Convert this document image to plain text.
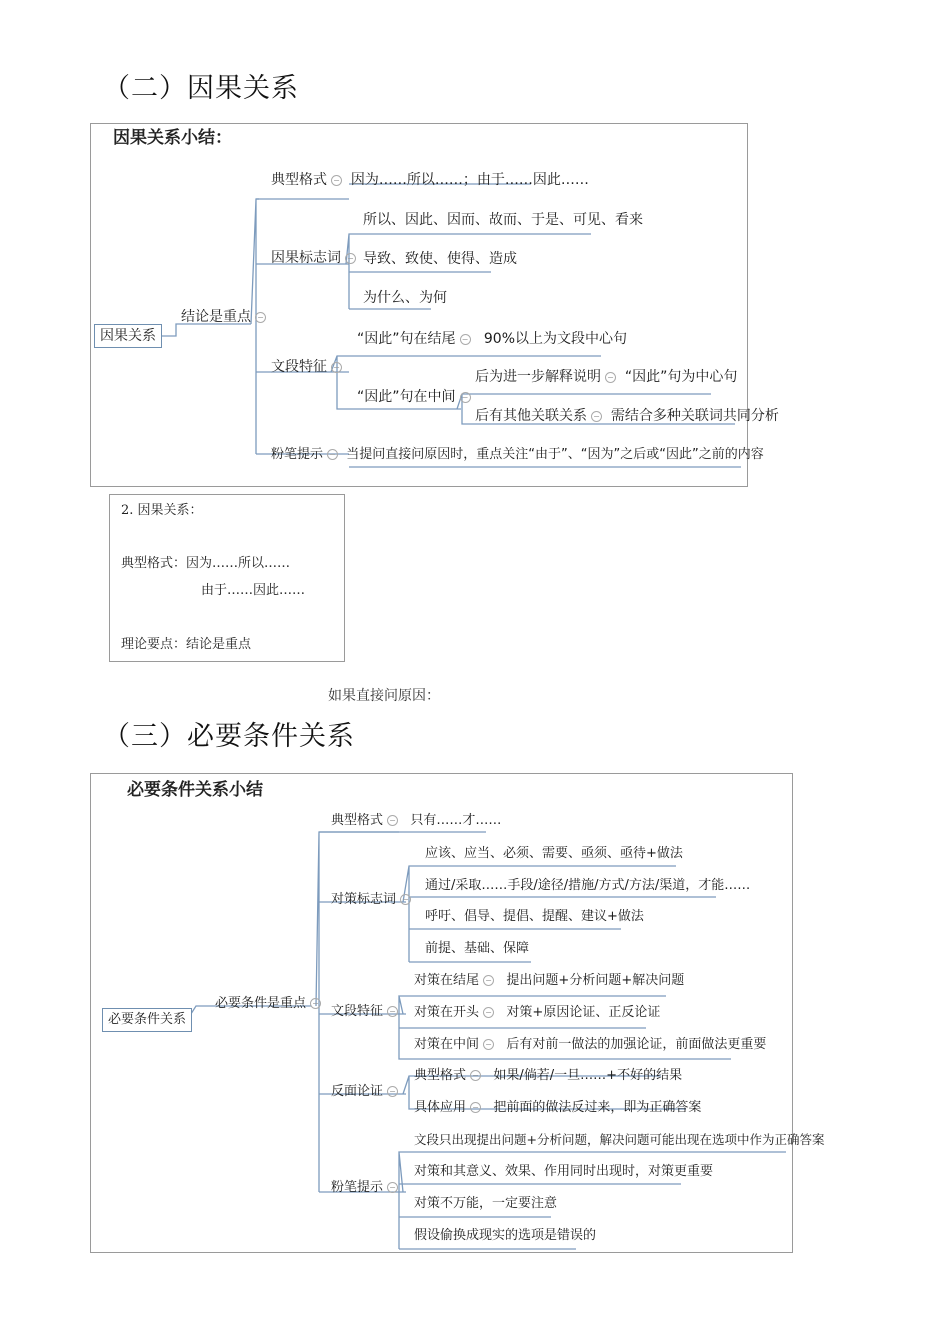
（二）因果关系
因果关系小结：
因果关系
结论是重点 −
典型格式 − 因为……所以……；由于……因此……
因果标志词 −
所以、因此、因而、故而、于是、可见、看来
导致、致使、使得、造成
为什么、为何
文段特征 −
“因此”句在结尾 − 90%以上为文段中心句
“因此”句在中间 −
后为进一步解释说明 − “因此”句为中心句
后有其他关联关系 − 需结合多种关联词共同分析
粉笔提示 − 当提问直接问原因时，重点关注“由于”、“因为”之后或“因此”之前的内容
2. 因果关系：
典型格式：因为……所以……
由于……因此……
理论要点：结论是重点
如果直接问原因：
（三）必要条件关系
必要条件关系小结
必要条件关系
必要条件是重点 −
典型格式 − 只有……才……
对策标志词 −
应该、应当、必须、需要、亟须、亟待+做法
通过/采取……手段/途径/措施/方式/方法/渠道，才能……
呼吁、倡导、提倡、提醒、建议+做法
前提、基础、保障
文段特征 −
对策在结尾 − 提出问题+分析问题+解决问题
对策在开头 − 对策+原因论证、正反论证
对策在中间 − 后有对前一做法的加强论证，前面做法更重要
反面论证 −
典型格式 − 如果/倘若/一旦……+不好的结果
具体应用 − 把前面的做法反过来，即为正确答案
粉笔提示 −
文段只出现提出问题+分析问题，解决问题可能出现在选项中作为正确答案
对策和其意义、效果、作用同时出现时，对策更重要
对策不万能，一定要注意
假设偷换成现实的选项是错误的
